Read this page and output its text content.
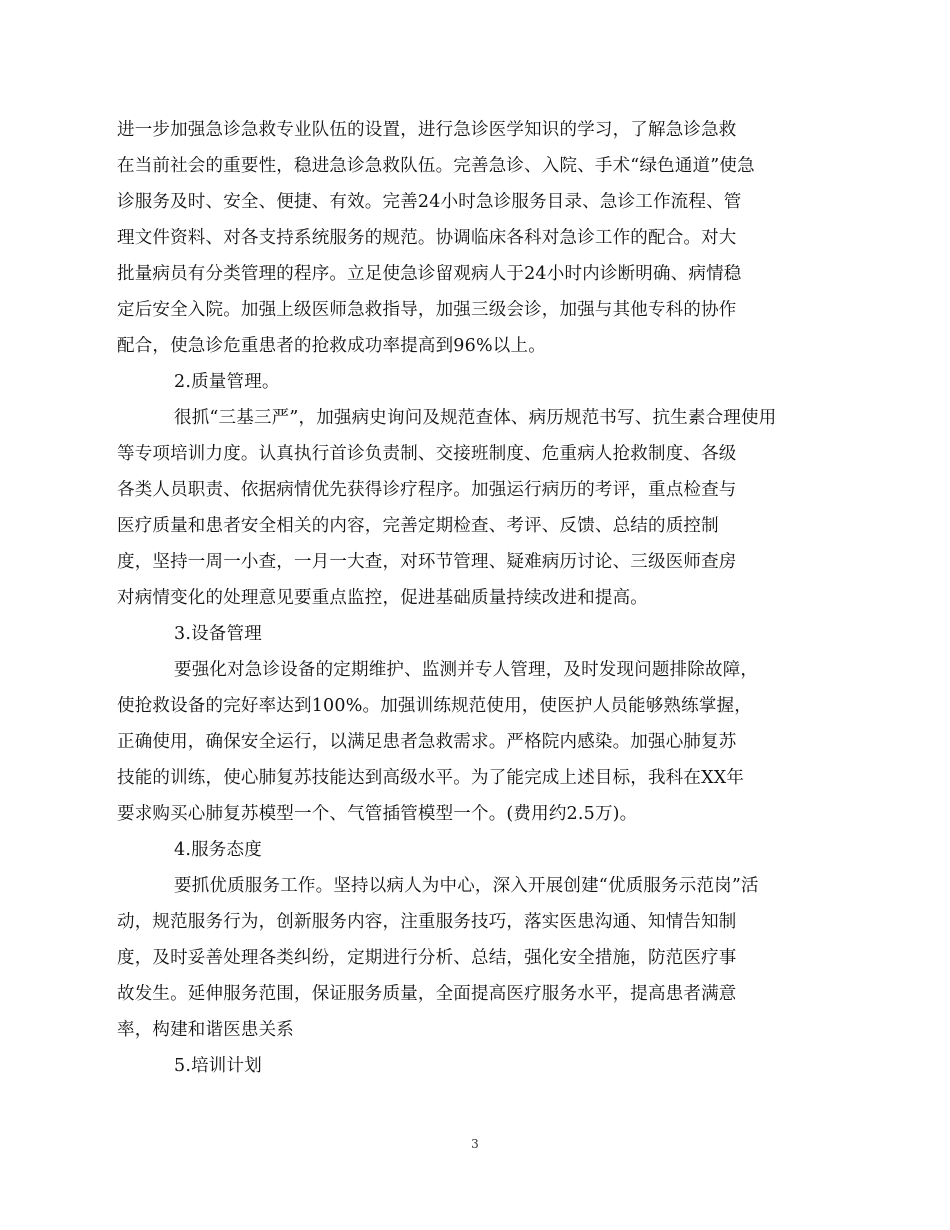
进一步加强急诊急救专业队伍的设置，进行急诊医学知识的学习，了解急诊急救
在当前社会的重要性，稳进急诊急救队伍。完善急诊、入院、手术“绿色通道”使急
诊服务及时、安全、便捷、有效。完善24小时急诊服务目录、急诊工作流程、管
理文件资料、对各支持系统服务的规范。协调临床各科对急诊工作的配合。对大
批量病员有分类管理的程序。立足使急诊留观病人于24小时内诊断明确、病情稳
定后安全入院。加强上级医师急救指导，加强三级会诊，加强与其他专科的协作
配合，使急诊危重患者的抢救成功率提高到96%以上。
2.质量管理。
很抓“三基三严”，加强病史询问及规范查体、病历规范书写、抗生素合理使用
等专项培训力度。认真执行首诊负责制、交接班制度、危重病人抢救制度、各级
各类人员职责、依据病情优先获得诊疗程序。加强运行病历的考评，重点检查与
医疗质量和患者安全相关的内容，完善定期检查、考评、反馈、总结的质控制
度，坚持一周一小查，一月一大查，对环节管理、疑难病历讨论、三级医师查房
对病情变化的处理意见要重点监控，促进基础质量持续改进和提高。
3.设备管理
要强化对急诊设备的定期维护、监测并专人管理，及时发现问题排除故障，
使抢救设备的完好率达到100%。加强训练规范使用，使医护人员能够熟练掌握，
正确使用，确保安全运行，以满足患者急救需求。严格院内感染。加强心肺复苏
技能的训练，使心肺复苏技能达到高级水平。为了能完成上述目标，我科在XX年
要求购买心肺复苏模型一个、气管插管模型一个。(费用约2.5万)。
4.服务态度
要抓优质服务工作。坚持以病人为中心，深入开展创建“优质服务示范岗”活
动，规范服务行为，创新服务内容，注重服务技巧，落实医患沟通、知情告知制
度，及时妥善处理各类纠纷，定期进行分析、总结，强化安全措施，防范医疗事
故发生。延伸服务范围，保证服务质量，全面提高医疗服务水平，提高患者满意
率，构建和谐医患关系
5.培训计划
3
